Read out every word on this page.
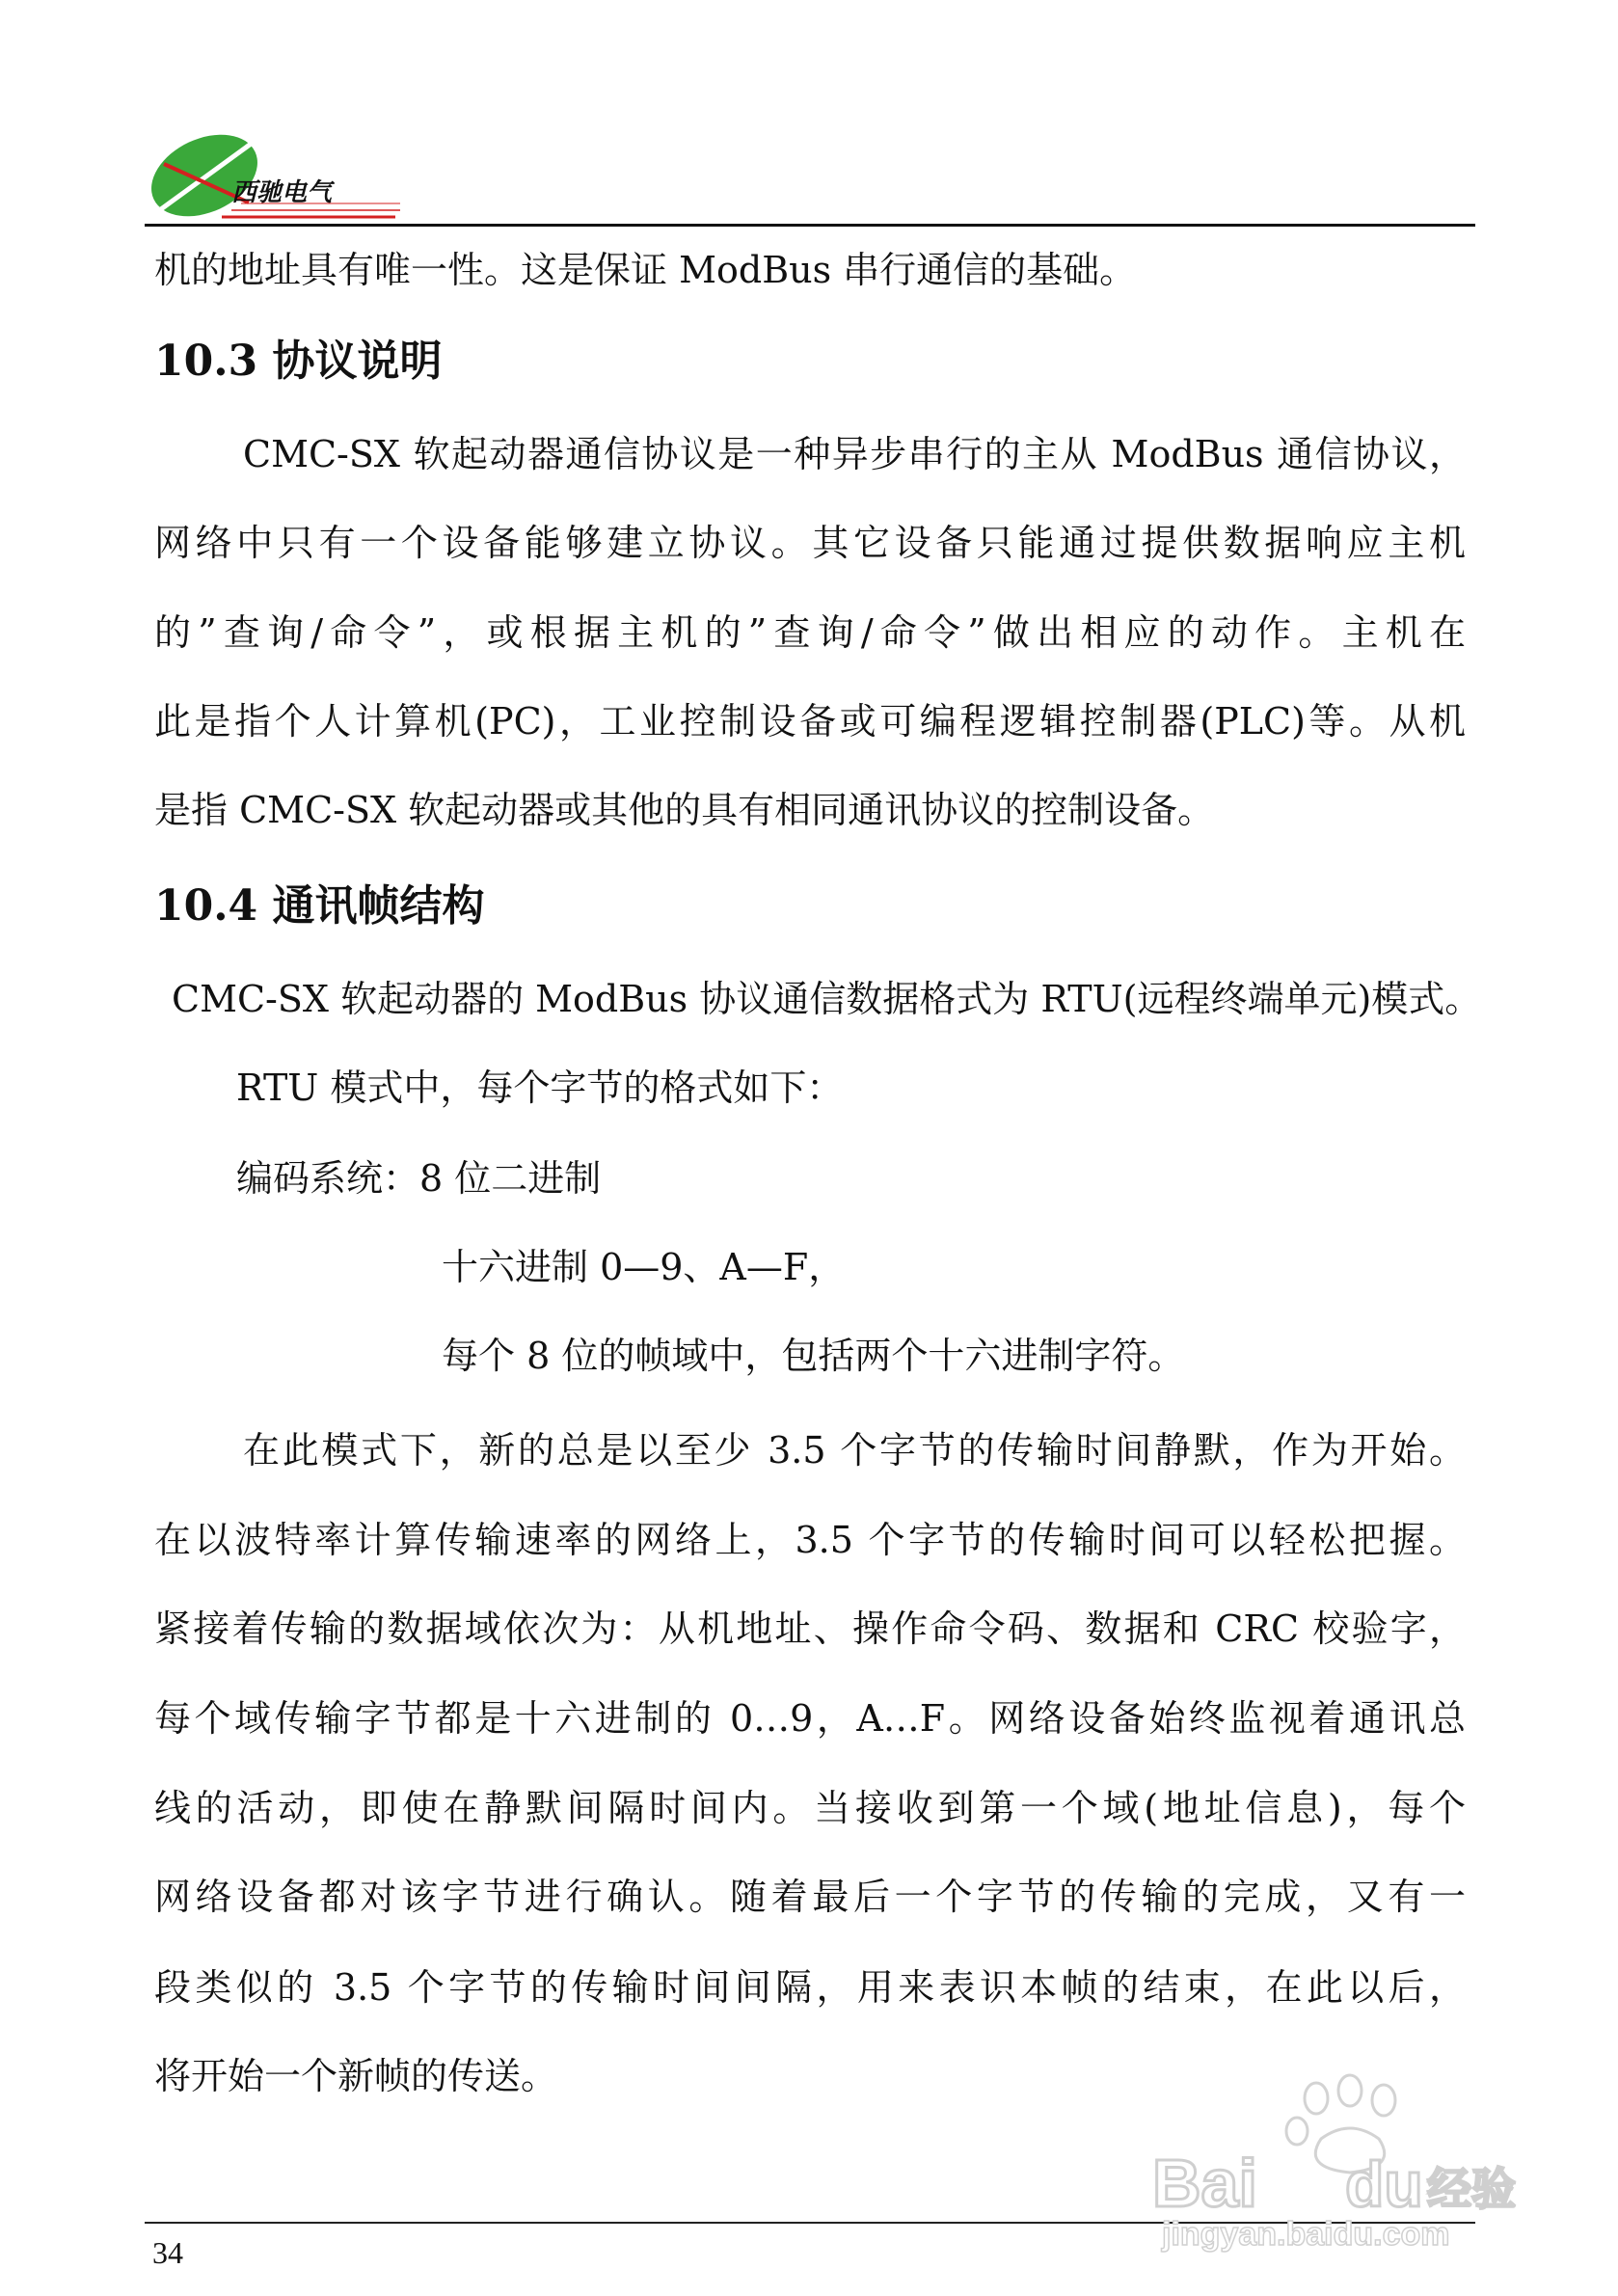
西驰电气
机的地址具有唯一性。这是保证 ModBus 串行通信的基础。
10.3 协议说明
CMC-SX 软起动器通信协议是一种异步串行的主从 ModBus 通信协议，
网络中只有一个设备能够建立协议。其它设备只能通过提供数据响应主机
的”查询/命令”，或根据主机的”查询/命令”做出相应的动作。主机在
此是指个人计算机(PC)，工业控制设备或可编程逻辑控制器(PLC)等。从机
是指 CMC-SX 软起动器或其他的具有相同通讯协议的控制设备。
10.4 通讯帧结构
CMC-SX 软起动器的 ModBus 协议通信数据格式为 RTU(远程终端单元)模式。
RTU 模式中，每个字节的格式如下：
编码系统：8 位二进制
十六进制 0—9、A—F，
每个 8 位的帧域中，包括两个十六进制字符。
在此模式下，新的总是以至少 3.5 个字节的传输时间静默，作为开始。
在以波特率计算传输速率的网络上，3.5 个字节的传输时间可以轻松把握。
紧接着传输的数据域依次为：从机地址、操作命令码、数据和 CRC 校验字，
每个域传输字节都是十六进制的 0…9，A…F。网络设备始终监视着通讯总
线的活动，即使在静默间隔时间内。当接收到第一个域(地址信息)，每个
网络设备都对该字节进行确认。随着最后一个字节的传输的完成，又有一
段类似的 3.5 个字节的传输时间间隔，用来表识本帧的结束，在此以后，
将开始一个新帧的传送。
34
Bai du 经验
jingyan.baidu.com
